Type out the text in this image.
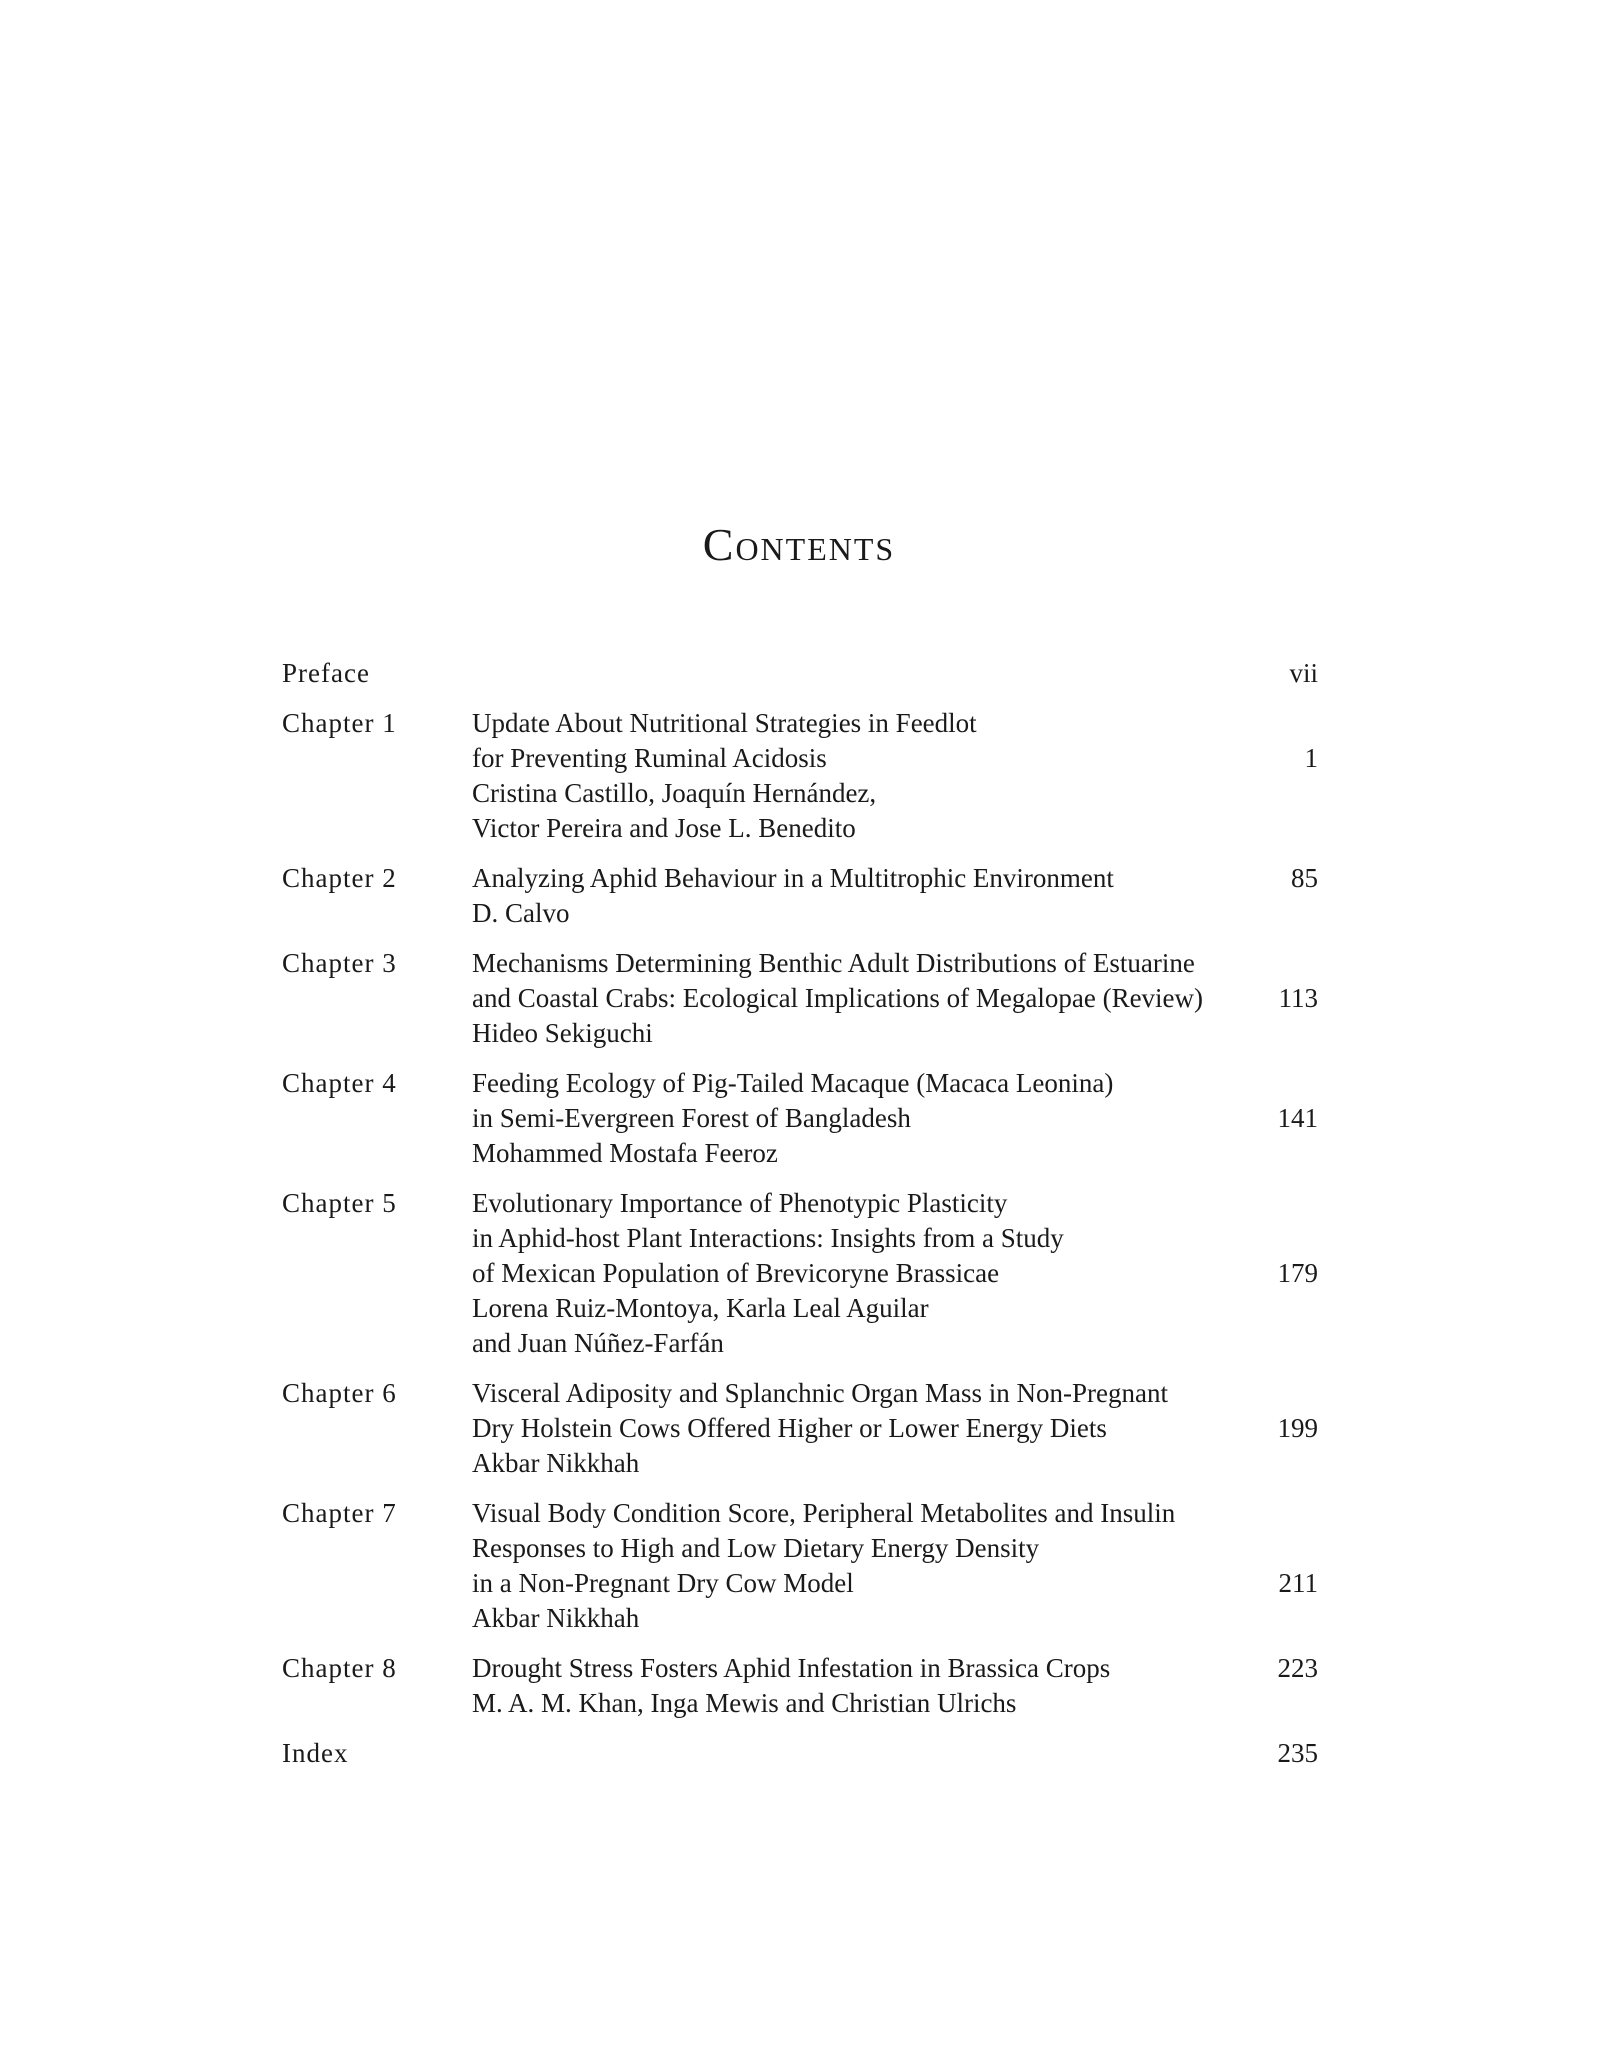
Contents
Preface	vii
Chapter 1	Update About Nutritional Strategies in Feedlot
for Preventing Ruminal Acidosis	1
Cristina Castillo, Joaquín Hernández,
Victor Pereira and Jose L. Benedito
Chapter 2	Analyzing Aphid Behaviour in a Multitrophic Environment	85
D. Calvo
Chapter 3	Mechanisms Determining Benthic Adult Distributions of Estuarine
and Coastal Crabs: Ecological Implications of Megalopae (Review)	113
Hideo Sekiguchi
Chapter 4	Feeding Ecology of Pig-Tailed Macaque (Macaca Leonina)
in Semi-Evergreen Forest of Bangladesh	141
Mohammed Mostafa Feeroz
Chapter 5	Evolutionary Importance of Phenotypic Plasticity
in Aphid-host Plant Interactions: Insights from a Study
of Mexican Population of Brevicoryne Brassicae	179
Lorena Ruiz-Montoya, Karla Leal Aguilar
and Juan Núñez-Farfán
Chapter 6	Visceral Adiposity and Splanchnic Organ Mass in Non-Pregnant
Dry Holstein Cows Offered Higher or Lower Energy Diets	199
Akbar Nikkhah
Chapter 7	Visual Body Condition Score, Peripheral Metabolites and Insulin
Responses to High and Low Dietary Energy Density
in a Non-Pregnant Dry Cow Model	211
Akbar Nikkhah
Chapter 8	Drought Stress Fosters Aphid Infestation in Brassica Crops	223
M. A. M. Khan, Inga Mewis and Christian Ulrichs
Index	235
